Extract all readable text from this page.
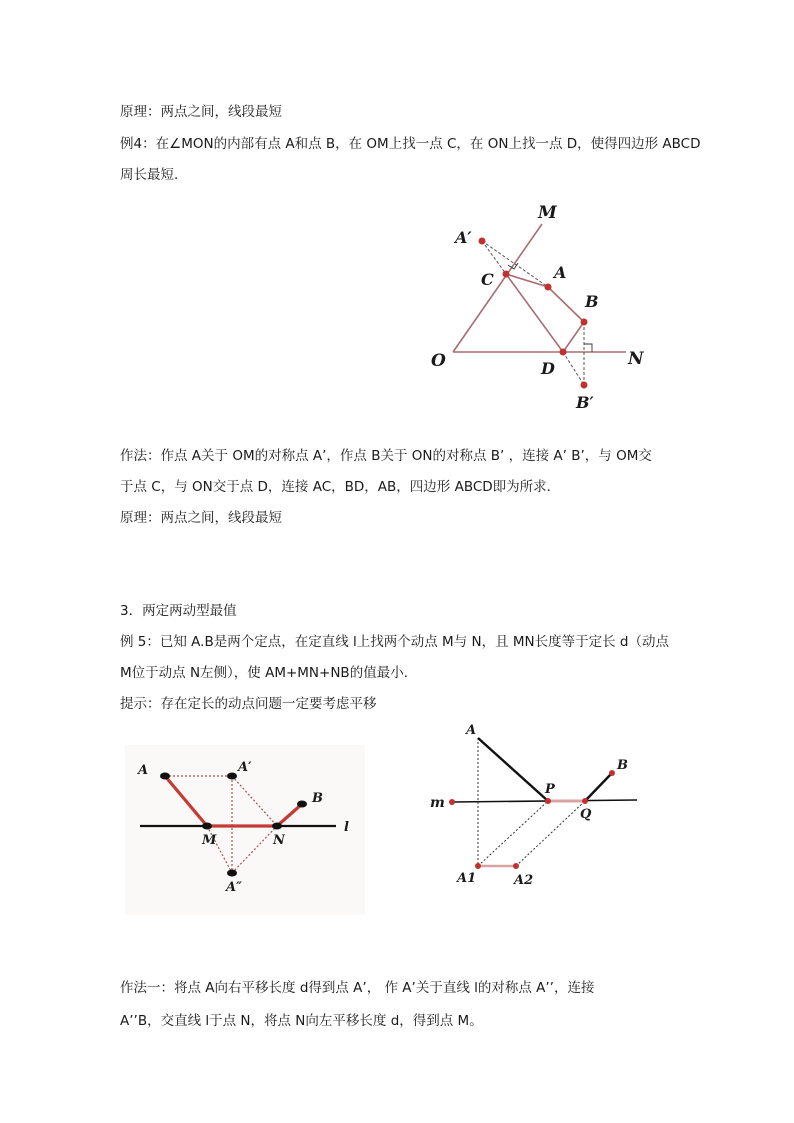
原理：两点之间，线段最短
例4：在∠MON的内部有点 A和点 B，在 OM上找一点 C，在 ON上找一点 D，使得四边形 ABCD
周长最短．
M
A′
C	A
B
O	D	N
B′
作法：作点 A关于 OM的对称点 A’，作点 B关于 ON的对称点 B’ ，连接 A’ B’，与 OM交
于点 C，与 ON交于点 D，连接 AC，BD，AB，四边形 ABCD即为所求．
原理：两点之间，线段最短
3．两定两动型最值
例 5：已知 A.B是两个定点，在定直线 l上找两个动点 M与 N，且 MN长度等于定长 d（动点
M位于动点 N左侧），使 AM+MN+NB的值最小．
提示：存在定长的动点问题一定要考虑平移
A	A′
B
l
M	N
A″
A
B
m
P
Q
A1	A2
作法一：将点 A向右平移长度 d得到点 A’， 作 A’关于直线 l的对称点 A’’，连接
A’’B，交直线 l于点 N，将点 N向左平移长度 d，得到点 M。
